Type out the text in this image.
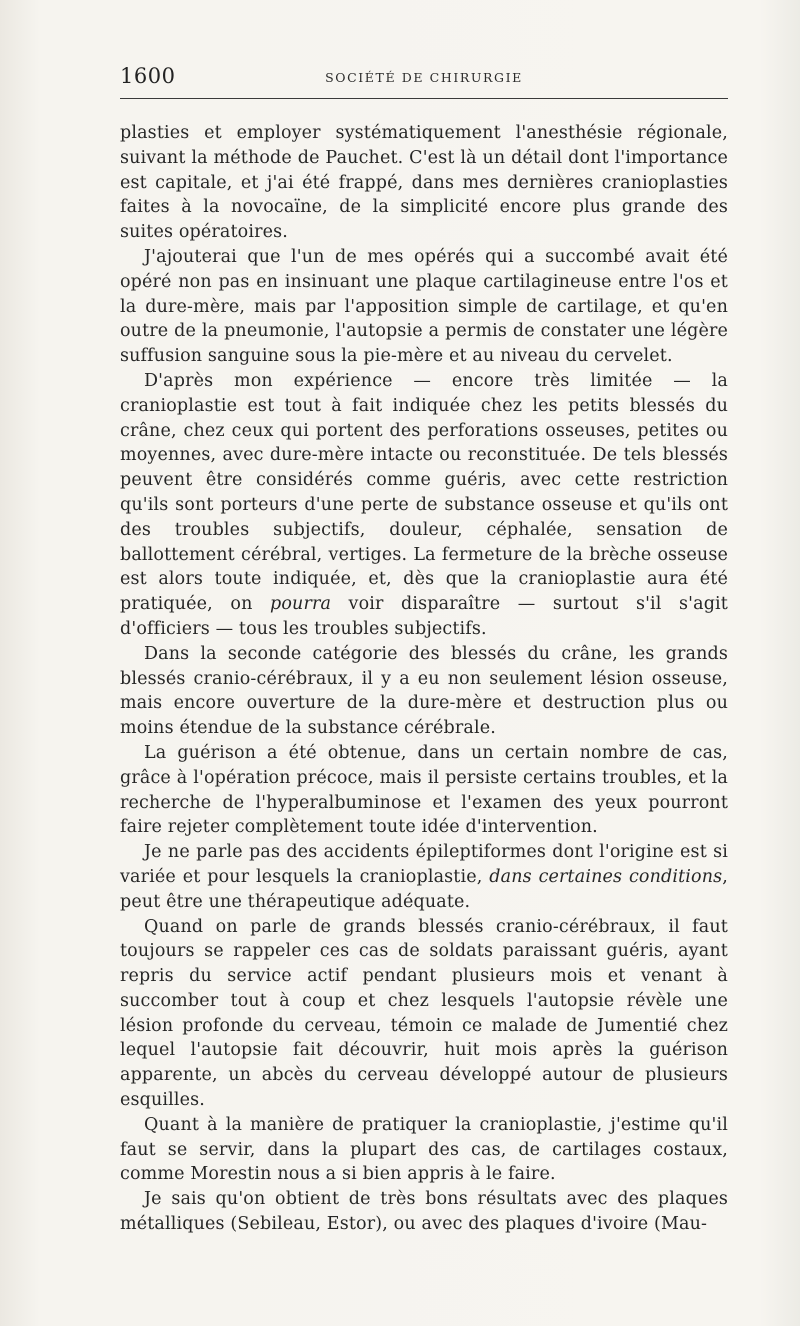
1600	SOCIÉTÉ DE CHIRURGIE

plasties et employer systématiquement l'anesthésie régionale, suivant la méthode de Pauchet. C'est là un détail dont l'importance est capitale, et j'ai été frappé, dans mes dernières cranioplasties faites à la novocaïne, de la simplicité encore plus grande des suites opératoires.

J'ajouterai que l'un de mes opérés qui a succombé avait été opéré non pas en insinuant une plaque cartilagineuse entre l'os et la dure-mère, mais par l'apposition simple de cartilage, et qu'en outre de la pneumonie, l'autopsie a permis de constater une légère suffusion sanguine sous la pie-mère et au niveau du cervelet.

D'après mon expérience — encore très limitée — la cranioplastie est tout à fait indiquée chez les petits blessés du crâne, chez ceux qui portent des perforations osseuses, petites ou moyennes, avec dure-mère intacte ou reconstituée. De tels blessés peuvent être considérés comme guéris, avec cette restriction qu'ils sont porteurs d'une perte de substance osseuse et qu'ils ont des troubles subjectifs, douleur, céphalée, sensation de ballottement cérébral, vertiges. La fermeture de la brèche osseuse est alors toute indiquée, et, dès que la cranioplastie aura été pratiquée, on pourra voir disparaître — surtout s'il s'agit d'officiers — tous les troubles subjectifs.

Dans la seconde catégorie des blessés du crâne, les grands blessés cranio-cérébraux, il y a eu non seulement lésion osseuse, mais encore ouverture de la dure-mère et destruction plus ou moins étendue de la substance cérébrale.

La guérison a été obtenue, dans un certain nombre de cas, grâce à l'opération précoce, mais il persiste certains troubles, et la recherche de l'hyperalbuminose et l'examen des yeux pourront faire rejeter complètement toute idée d'intervention.

Je ne parle pas des accidents épileptiformes dont l'origine est si variée et pour lesquels la cranioplastie, dans certaines conditions, peut être une thérapeutique adéquate.

Quand on parle de grands blessés cranio-cérébraux, il faut toujours se rappeler ces cas de soldats paraissant guéris, ayant repris du service actif pendant plusieurs mois et venant à succomber tout à coup et chez lesquels l'autopsie révèle une lésion profonde du cerveau, témoin ce malade de Jumentié chez lequel l'autopsie fait découvrir, huit mois après la guérison apparente, un abcès du cerveau développé autour de plusieurs esquilles.

Quant à la manière de pratiquer la cranioplastie, j'estime qu'il faut se servir, dans la plupart des cas, de cartilages costaux, comme Morestin nous a si bien appris à le faire.

Je sais qu'on obtient de très bons résultats avec des plaques métalliques (Sebileau, Estor), ou avec des plaques d'ivoire (Mau-
